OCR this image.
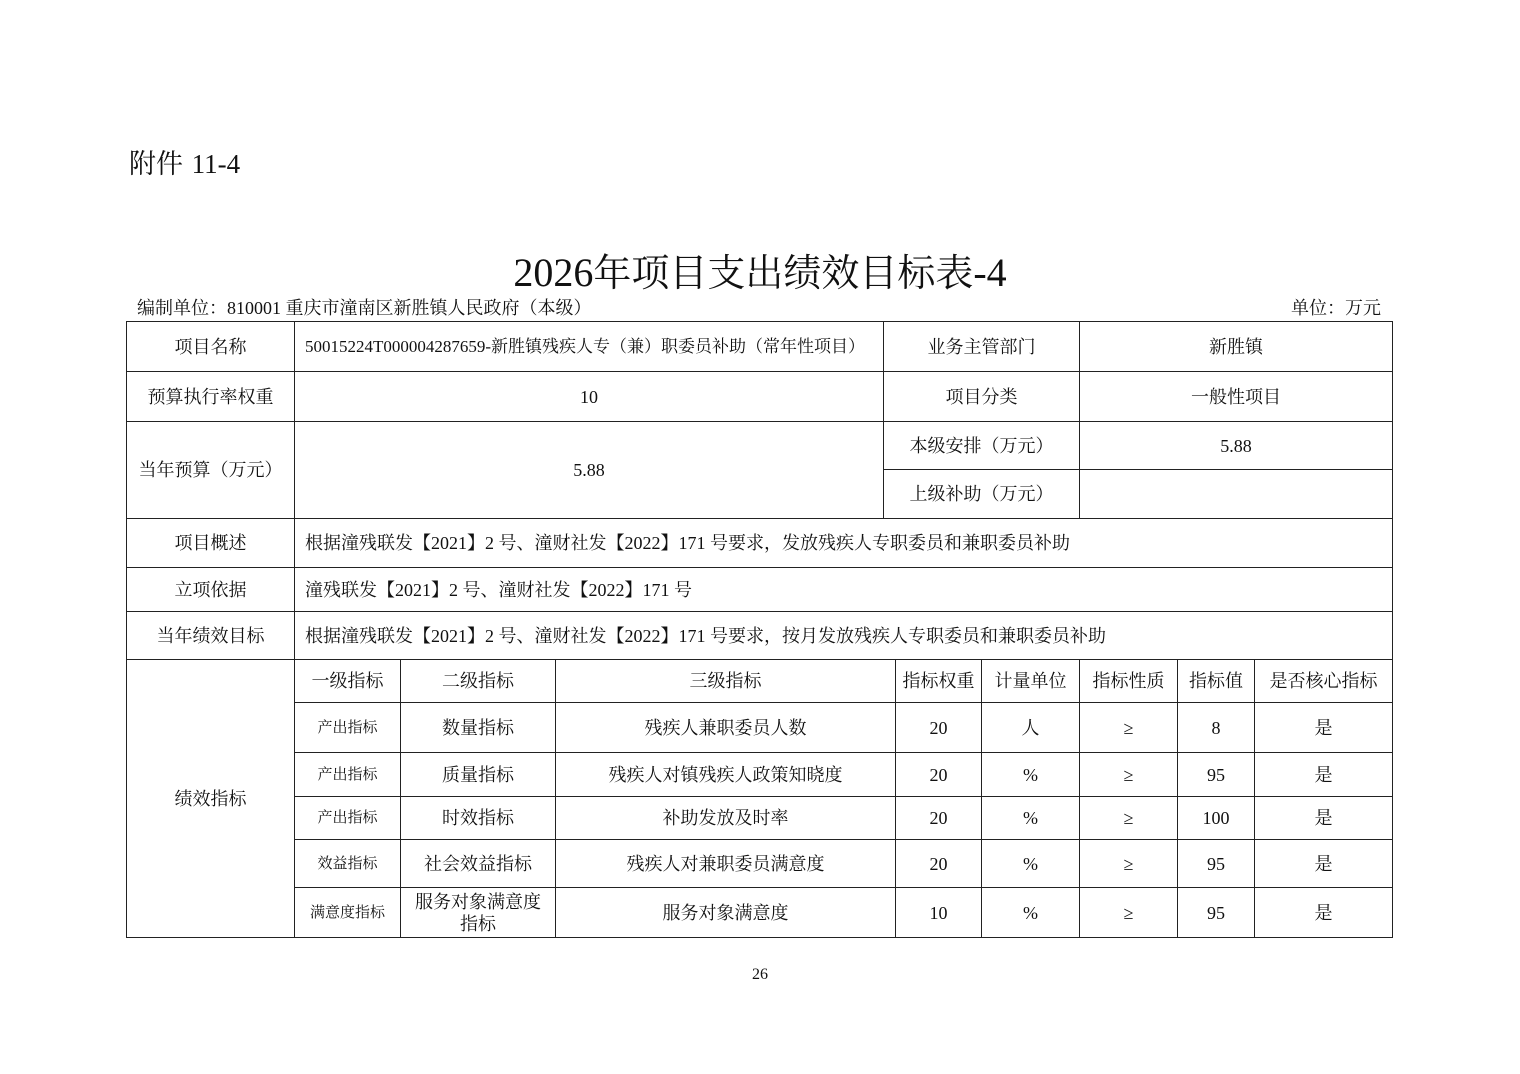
附件 11-4
2026年项目支出绩效目标表-4
编制单位：810001 重庆市潼南区新胜镇人民政府（本级）	单位：万元
项目名称	50015224T000004287659-新胜镇残疾人专（兼）职委员补助（常年性项目）			业务主管部门			新胜镇		
预算执行率权重	10			项目分类			一般性项目		
当年预算（万元）	5.88			本级安排（万元）			5.88		
				上级补助（万元）					
项目概述	根据潼残联发【2021】2 号、潼财社发【2022】171 号要求，发放残疾人专职委员和兼职委员补助								
立项依据	潼残联发【2021】2 号、潼财社发【2022】171 号								
当年绩效目标	根据潼残联发【2021】2 号、潼财社发【2022】171 号要求，按月发放残疾人专职委员和兼职委员补助								
绩效指标	一级指标	二级指标	三级指标		指标权重	计量单位	指标性质	指标值	是否核心指标
	产出指标	数量指标	残疾人兼职委员人数		20	人	≥	8	是
	产出指标	质量指标	残疾人对镇残疾人政策知晓度		20	%	≥	95	是
	产出指标	时效指标	补助发放及时率		20	%	≥	100	是
	效益指标	社会效益指标	残疾人对兼职委员满意度		20	%	≥	95	是
	满意度指标	服务对象满意度指标	服务对象满意度		10	%	≥	95	是
26
